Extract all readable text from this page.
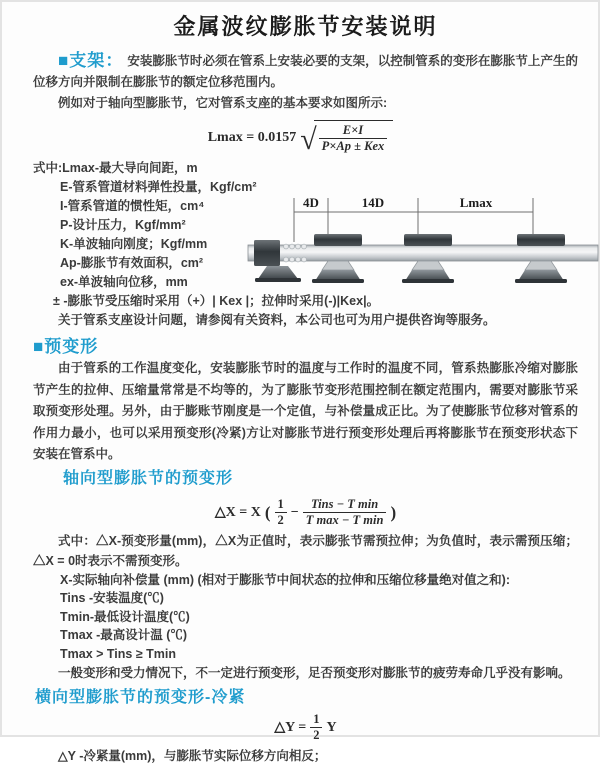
金属波纹膨胀节安装说明

■支架： 安装膨胀节时必须在管系上安装必要的支架，以控制管系的变形在膨胀节上产生的位移方向并限制在膨胀节的额定位移范围内。

例如对于轴向型膨胀节，它对管系支座的基本要求如图所示:

Lmax = 0.0157 √ $\frac{E\times I}{\text{P×Ap ± Kex}}$
式中:Lmax-最大导向间距，m
E-管系管道材料弹性投量，Kgf/cm²
I-管系管道的惯性矩，cm⁴
P-设计压力，Kgf/mm²
K-单波轴向刚度；Kgf/mm
Ap-膨胀节有效面积，cm²
ex-单波轴向位移，mm
± -膨胀节受压缩时采用（+）| Kex |；拉伸时采用(-)|Kex|。
关于管系支座设计问题，请参阅有关资料，本公司也可为用户提供咨询等服务。
4D	14D	Lmax
■预变形

由于管系的工作温度变化，安装膨胀节时的温度与工作时的温度不同，管系热膨胀冷缩对膨胀节产生的拉伸、压缩量常常是不均等的，为了膨胀节变形范围控制在额定范围内，需要对膨胀节采取预变形处理。另外，由于膨账节刚度是一个定值，与补偿量成正比。为了使膨胀节位移对管系的作用力最小，也可以采用预变形(冷紧)方让对膨胀节进行预变形处理后再将膨胀节在预变形状态下安装在管系中。

轴向型膨胀节的预变形
△X = X ( $\frac{1}{2} - \frac{\text{Tins − T min}}{\text{T max − T min}}$ )

式中：△X-预变形量(mm)，△X为正值时，表示膨张节需预拉伸；为负值时，表示需预压缩；△X = 0时表示不需预变形。

X-实际轴向补偿量 (mm) (相对于膨胀节中间状态的拉伸和压缩位移量绝对值之和):
Tins -安装温度(℃)
Tmin-最低设计温度(℃)
Tmax -最高设计温 (℃)
Tmax > Tins ≥ Tmin
一般变形和受力情况下，不一定进行预变形，足否预变形对膨胀节的疲劳寿命几乎没有影响。
横向型膨胀节的预变形-冷紧
△Y = $\frac{1}{2}$ Y

△Y -冷紧量(mm)，与膨胀节实际位移方向相反；
